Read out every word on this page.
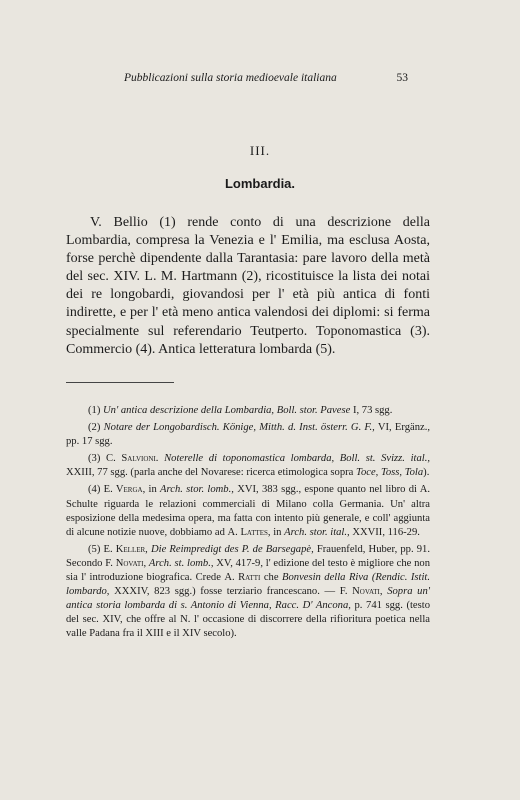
Pubblicazioni sulla storia medioevale italiana	53
III.
Lombardia.

V. Bellio (1) rende conto di una descrizione della Lombardia, compresa la Venezia e l' Emilia, ma esclusa Aosta, forse perchè dipendente dalla Tarantasia: pare lavoro della metà del sec. XIV. L. M. Hartmann (2), ricostituisce la lista dei notai dei re longobardi, giovandosi per l' età più antica di fonti indirette, e per l' età meno antica valendosi dei diplomi: si ferma specialmente sul referendario Teutperto. Toponomastica (3). Commercio (4). Antica letteratura lombarda (5).

(1) Un' antica descrizione della Lombardia, Boll. stor. Pavese I, 73 sgg.

(2) Notare der Longobardisch. Könige, Mitth. d. Inst. österr. G. F., VI, Ergänz., pp. 17 sgg.

(3) C. Salvioni. Noterelle di toponomastica lombarda, Boll. st. Svizz. ital., XXIII, 77 sgg. (parla anche del Novarese: ricerca etimologica sopra Toce, Toss, Tola).

(4) E. Verga, in Arch. stor. lomb., XVI, 383 sgg., espone quanto nel libro di A. Schulte riguarda le relazioni commerciali di Milano colla Germania. Un' altra esposizione della medesima opera, ma fatta con intento più generale, e coll' aggiunta di alcune notizie nuove, dobbiamo ad A. Lattes, in Arch. stor. ital., XXVII, 116-29.

(5) E. Keller, Die Reimpredigt des P. de Barsegapè, Frauenfeld, Huber, pp. 91. Secondo F. Novati, Arch. st. lomb., XV, 417-9, l' edizione del testo è migliore che non sia l' introduzione biografica. Crede A. Ratti che Bonvesin della Riva (Rendic. Istit. lombardo, XXXIV, 823 sgg.) fosse terziario francescano. — F. Novati, Sopra un' antica storia lombarda di s. Antonio di Vienna, Racc. D' Ancona, p. 741 sgg. (testo del sec. XIV, che offre al N. l' occasione di discorrere della rifioritura poetica nella valle Padana fra il XIII e il XIV secolo).
